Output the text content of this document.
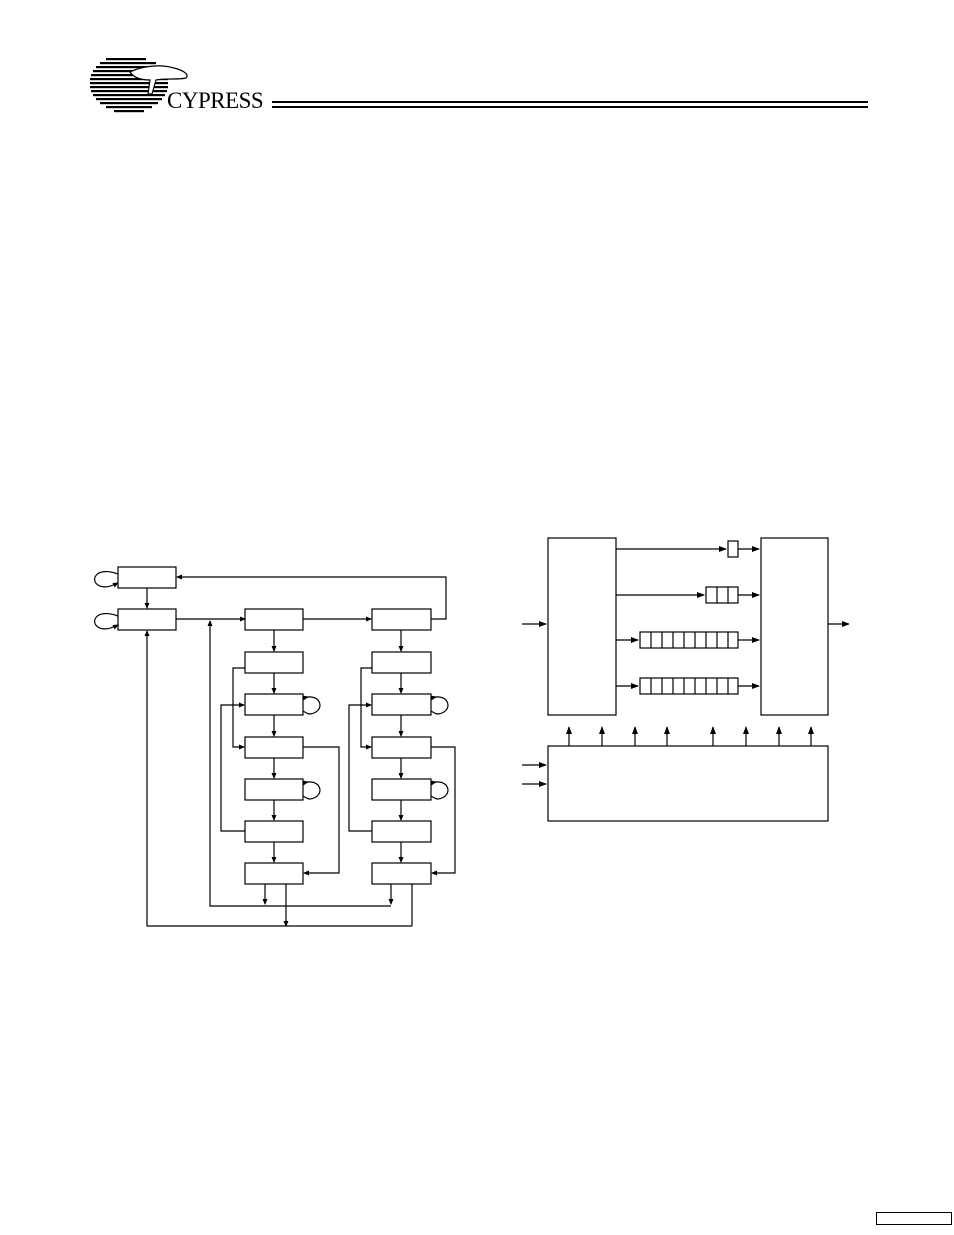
CYPRESS
